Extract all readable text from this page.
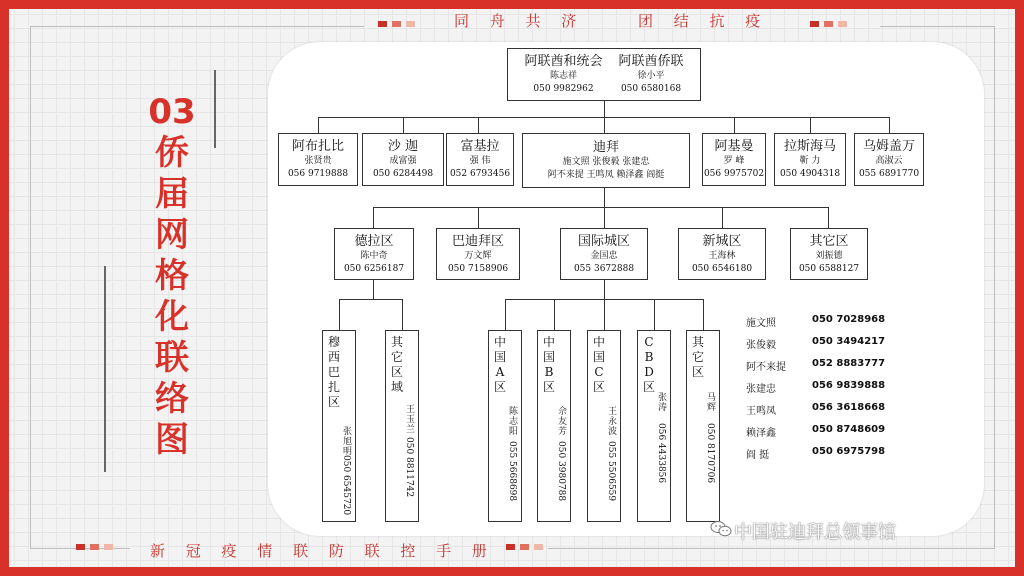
同 舟 共 济	团 结 抗 疫
新 冠 疫 情 联 防 联 控 手 册
03
侨
届
网
格
化
联
络
图
阿联酋和统会
陈志祥
050 9982962
阿联酋侨联
徐小平
050 6580168
阿布扎比
张贤贵
056 9719888
沙 迦
成富强
050 6284498
富基拉
强 伟
052 6793456
迪拜
施文照 张俊毅 张建忠
阿不来提 王鸣凤 赖泽鑫 阎挺
阿基曼
罗 峰
056 9975702
拉斯海马
靳 力
050 4904318
乌姆盖万
高淑云
055 6891770
德拉区
陈中奇
050 6256187
巴迪拜区
万文辉
050 7158906
国际城区
金国忠
055 3672888
新城区
王海林
050 6546180
其它区
刘振德
050 6588127
穆西巴扎区
张旭明
050 6545720
其它区域
王玉兰
050 8811742
中国A区
陈志阳
055 5668698
中国B区
佘友芳
050 3980788
中国C区
王永波
055 5506559
CBD区
张涛
056 4433856
其它区
马辉
050 8170706
施文照	050 7028968
张俊毅	050 3494217
阿不来提	052 8883777
张建忠	056 9839888
王鸣凤	056 3618668
赖泽鑫	050 8748609
阎 挺	050 6975798
中国驻迪拜总领事馆
